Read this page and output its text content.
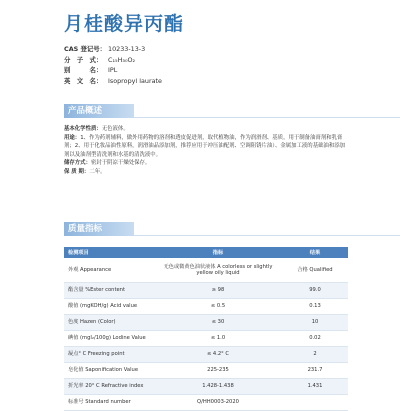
月桂酸异丙酯
CAS 登记号： 10233-13-3
分　子　式： C₁₅H₃₀O₂
别　　　名： IPL
英　文　名： Isopropyl laurate
产品概述

基本化学性质：无色液体。

用途：1、作为药剂辅料，做外用药物的溶剂和透皮促进剂，取代植物油，作为润滑剂、基质，用于制备油膏剂和乳膏剂；2、用于化妆品油性原料，润滑油品添加剂，推荐应用于冲压油配剂、空调阻锈片油）、金属加工液的基础油和添加剂以及油剂型清洗剂和水基的清洗液中。

储存方式：密封于阴凉干燥处保存。

保 质 期：二年。

质量指标
检测项目	指标	结果
外观 Appearance	无色或微黄色油状液体 A colorless or slightly yellow oily liquid	合格 Qualified
酯含量 %Ester content	≥ 98	99.0
酸值 (mgKOH/g) Acid value	≤ 0.5	0.13
色度 Hazen (Color)	≤ 30	10
碘值 (mgI₂/100g) Lodine Value	≤ 1.0	0.02
凝点° C Freezing point	≤ 4.2° C	2
皂化值 Saponification Value	225-235	231.7
折光率 20° C Refractive index	1.428-1.438	1.431
标准号 Standard number	Q/HH0003-2020	
